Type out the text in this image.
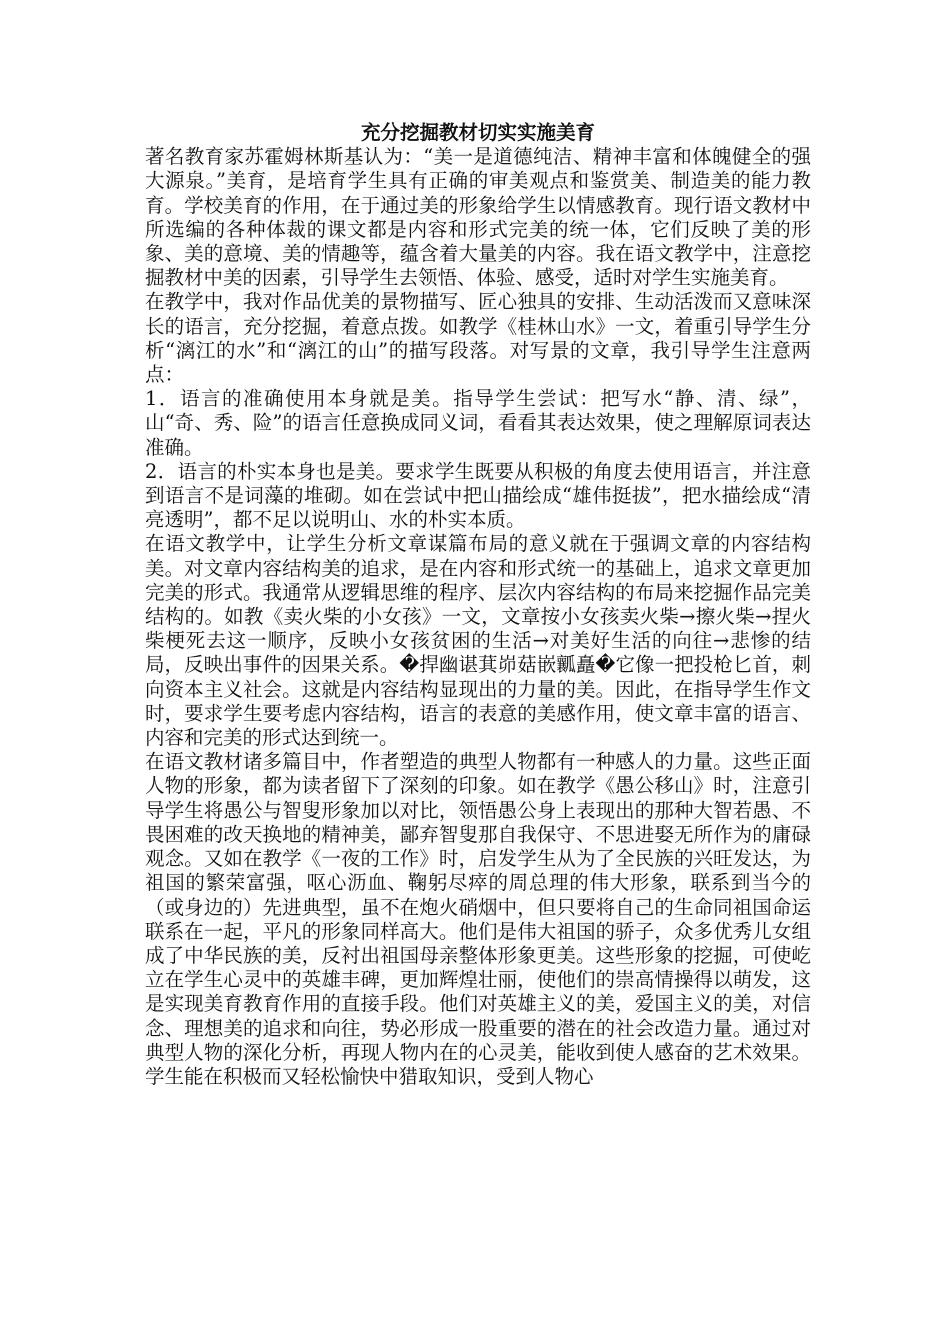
充分挖掘教材切实实施美育

著名教育家苏霍姆林斯基认为：“美一是道德纯洁、精神丰富和体魄健全的强大源泉。”美育，是培育学生具有正确的审美观点和鉴赏美、制造美的能力教育。学校美育的作用，在于通过美的形象给学生以情感教育。现行语文教材中所选编的各种体裁的课文都是内容和形式完美的统一体，它们反映了美的形象、美的意境、美的情趣等，蕴含着大量美的内容。我在语文教学中，注意挖掘教材中美的因素，引导学生去领悟、体验、感受，适时对学生实施美育。

在教学中，我对作品优美的景物描写、匠心独具的安排、生动活泼而又意味深长的语言，充分挖掘，着意点拨。如教学《桂林山水》一文，着重引导学生分析“漓江的水”和“漓江的山”的描写段落。对写景的文章，我引导学生注意两点：

1．语言的准确使用本身就是美。指导学生尝试：把写水“静、清、绿”，山“奇、秀、险”的语言任意换成同义词，看看其表达效果，使之理解原词表达准确。

2．语言的朴实本身也是美。要求学生既要从积极的角度去使用语言，并注意到语言不是词藻的堆砌。如在尝试中把山描绘成“雄伟挺拔”，把水描绘成“清亮透明”，都不足以说明山、水的朴实本质。

在语文教学中，让学生分析文章谋篇布局的意义就在于强调文章的内容结构美。对文章内容结构美的追求，是在内容和形式统一的基础上，追求文章更加完美的形式。我通常从逻辑思维的程序、层次内容结构的布局来挖掘作品完美结构的。如教《卖火柴的小女孩》一文，文章按小女孩卖火柴→擦火柴→捏火柴梗死去这一顺序，反映小女孩贫困的生活→对美好生活的向往→悲惨的结局，反映出事件的因果关系。�捍幽谌萁峁菇嵌瓤矗�它像一把投枪匕首，刺向资本主义社会。这就是内容结构显现出的力量的美。因此，在指导学生作文时，要求学生要考虑内容结构，语言的表意的美感作用，使文章丰富的语言、内容和完美的形式达到统一。

在语文教材诸多篇目中，作者塑造的典型人物都有一种感人的力量。这些正面人物的形象，都为读者留下了深刻的印象。如在教学《愚公移山》时，注意引导学生将愚公与智叟形象加以对比，领悟愚公身上表现出的那种大智若愚、不畏困难的改天换地的精神美，鄙弃智叟那自我保守、不思进娶无所作为的庸碌观念。又如在教学《一夜的工作》时，启发学生从为了全民族的兴旺发达，为祖国的繁荣富强，呕心沥血、鞠躬尽瘁的周总理的伟大形象，联系到当今的（或身边的）先进典型，虽不在炮火硝烟中，但只要将自己的生命同祖国命运联系在一起，平凡的形象同样高大。他们是伟大祖国的骄子，众多优秀儿女组成了中华民族的美，反衬出祖国母亲整体形象更美。这些形象的挖掘，可使屹立在学生心灵中的英雄丰碑，更加辉煌壮丽，使他们的崇高情操得以萌发，这是实现美育教育作用的直接手段。他们对英雄主义的美，爱国主义的美，对信念、理想美的追求和向往，势必形成一股重要的潜在的社会改造力量。通过对典型人物的深化分析，再现人物内在的心灵美，能收到使人感奋的艺术效果。学生能在积极而又轻松愉快中猎取知识，受到人物心
